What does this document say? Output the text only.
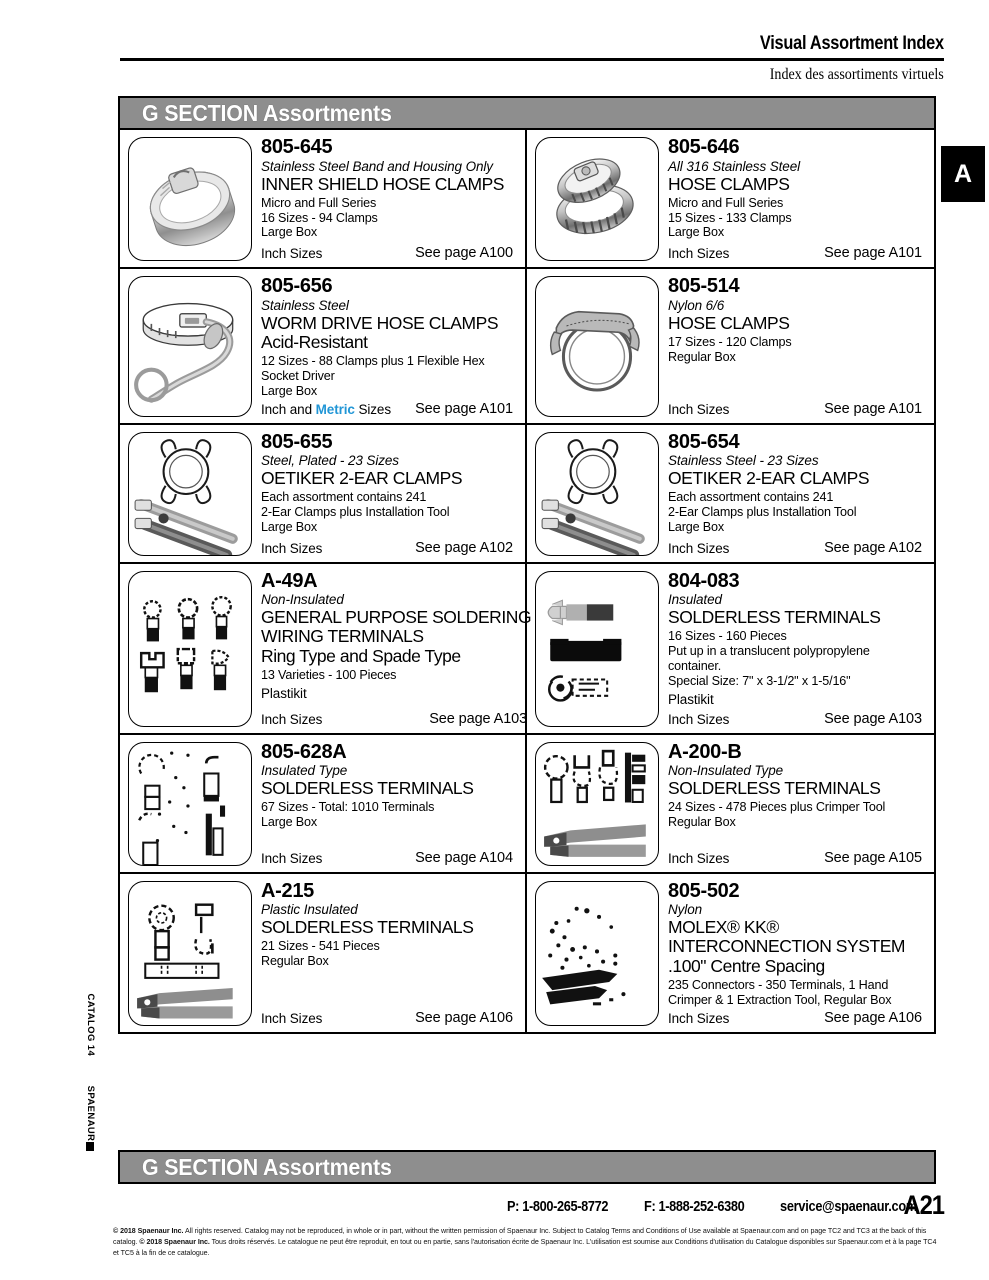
Visual Assortment Index
Index des assortiments virtuels
A
CATALOG 14
SPAENAUR
G SECTION Assortments
805-645
Stainless Steel Band and Housing Only
INNER SHIELD HOSE CLAMPS
Micro and Full Series
16 Sizes - 94 Clamps
Large Box
Inch Sizes	See page A100
805-646
All 316 Stainless Steel
HOSE CLAMPS
Micro and Full Series
15 Sizes - 133 Clamps
Large Box
Inch Sizes	See page A101
805-656
Stainless Steel
WORM DRIVE HOSE CLAMPS
Acid-Resistant
12 Sizes - 88 Clamps plus 1 Flexible Hex
Socket Driver
Large Box
Inch and Metric Sizes See page A101
805-514
Nylon 6/6
HOSE CLAMPS
17 Sizes - 120 Clamps
Regular Box
Inch Sizes	See page A101
805-655
Steel, Plated - 23 Sizes
OETIKER 2-EAR CLAMPS
Each assortment contains 241
2-Ear Clamps plus Installation Tool
Large Box
Inch Sizes	See page A102
805-654
Stainless Steel - 23 Sizes
OETIKER 2-EAR CLAMPS
Each assortment contains 241
2-Ear Clamps plus Installation Tool
Large Box
Inch Sizes	See page A102
A-49A
Non-Insulated
GENERAL PURPOSE SOLDERING
WIRING TERMINALS
Ring Type and Spade Type
13 Varieties - 100 Pieces
Plastikit
Inch Sizes	See page A103
804-083
Insulated
SOLDERLESS TERMINALS
16 Sizes - 160 Pieces
Put up in a translucent polypropylene
container.
Special Size: 7" x 3-1/2" x 1-5/16"
Plastikit
Inch Sizes	See page A103
805-628A
Insulated Type
SOLDERLESS TERMINALS
67 Sizes - Total: 1010 Terminals
Large Box
Inch Sizes	See page A104
A-200-B
Non-Insulated Type
SOLDERLESS TERMINALS
24 Sizes - 478 Pieces plus Crimper Tool
Regular Box
Inch Sizes	See page A105
A-215
Plastic Insulated
SOLDERLESS TERMINALS
21 Sizes - 541 Pieces
Regular Box
Inch Sizes	See page A106
805-502
Nylon
MOLEX® KK®
INTERCONNECTION SYSTEM
.100" Centre Spacing
235 Connectors - 350 Terminals, 1 Hand
Crimper & 1 Extraction Tool, Regular Box
Inch Sizes	See page A106
G SECTION Assortments
P: 1-800-265-8772 F: 1-888-252-6380 service@spaenaur.com
A21
© 2018 Spaenaur Inc. All rights reserved. Catalog may not be reproduced, in whole or in part, without the written permission of Spaenaur Inc. Subject to Catalog Terms and Conditions of Use available at Spaenaur.com and on page TC2 and TC3 at the back of this catalog. © 2018 Spaenaur Inc. Tous droits réservés. Le catalogue ne peut être reproduit, en tout ou en partie, sans l'autorisation écrite de Spaenaur Inc. L'utilisation est soumise aux Conditions d'utilisation du Catalogue disponibles sur Spaenaur.com et à la page TC4 et TC5 à la fin de ce catalogue.
